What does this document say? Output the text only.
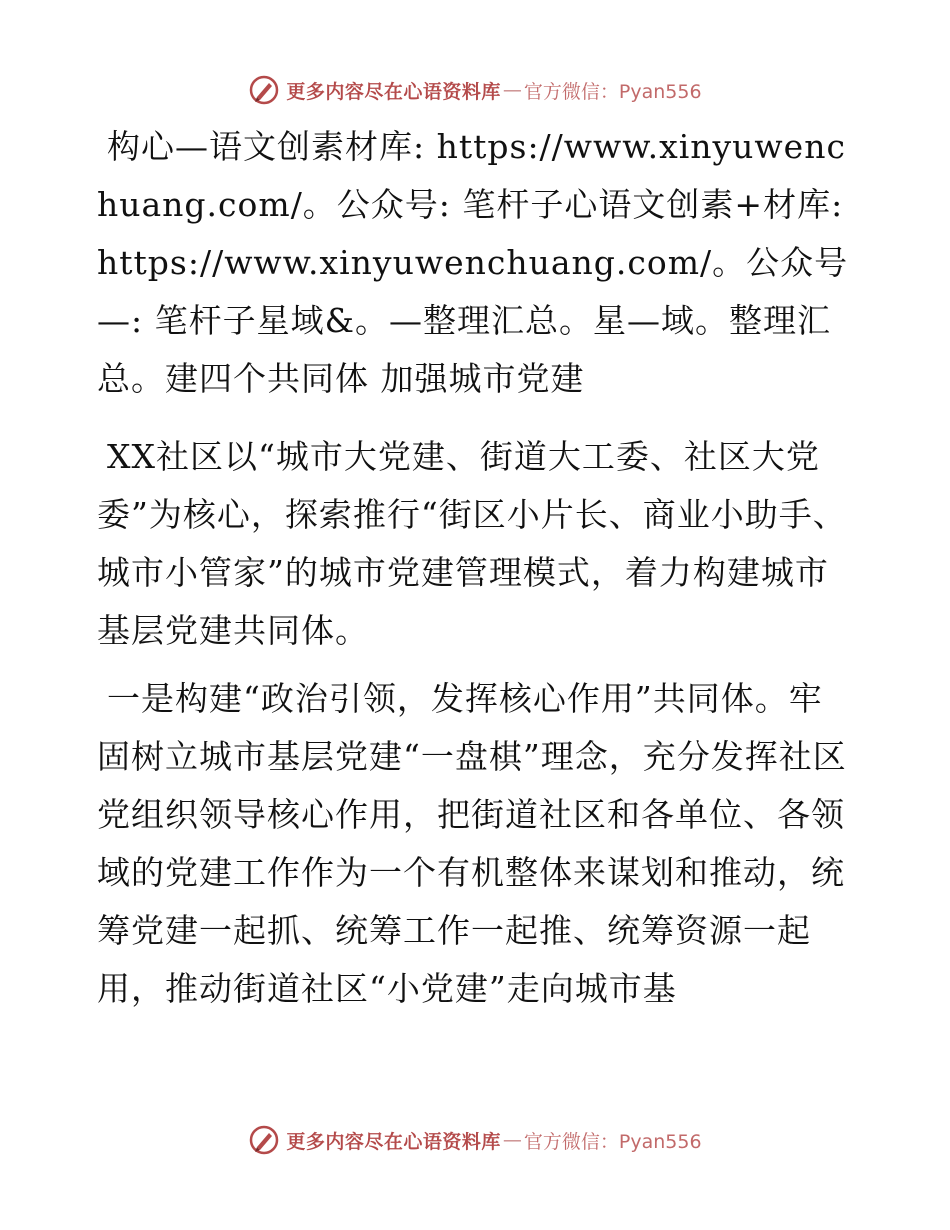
更多内容尽在心语资料库 — 官方微信：Pyan556

构心—语文创素材库: https://www.xinyuwenchuang.com/。公众号: 笔杆子心语文创素+材库: https://www.xinyuwenchuang.com/。公众号—: 笔杆子星域&。—整理汇总。星—域。整理汇总。建四个共同体 加强城市党建

XX社区以“城市大党建、街道大工委、社区大党委”为核心，探索推行“街区小片长、商业小助手、城市小管家”的城市党建管理模式，着力构建城市基层党建共同体。

一是构建“政治引领，发挥核心作用”共同体。牢固树立城市基层党建“一盘棋”理念，充分发挥社区党组织领导核心作用，把街道社区和各单位、各领域的党建工作作为一个有机整体来谋划和推动，统筹党建一起抓、统筹工作一起推、统筹资源一起用，推动街道社区“小党建”走向城市基

更多内容尽在心语资料库 — 官方微信：Pyan556
